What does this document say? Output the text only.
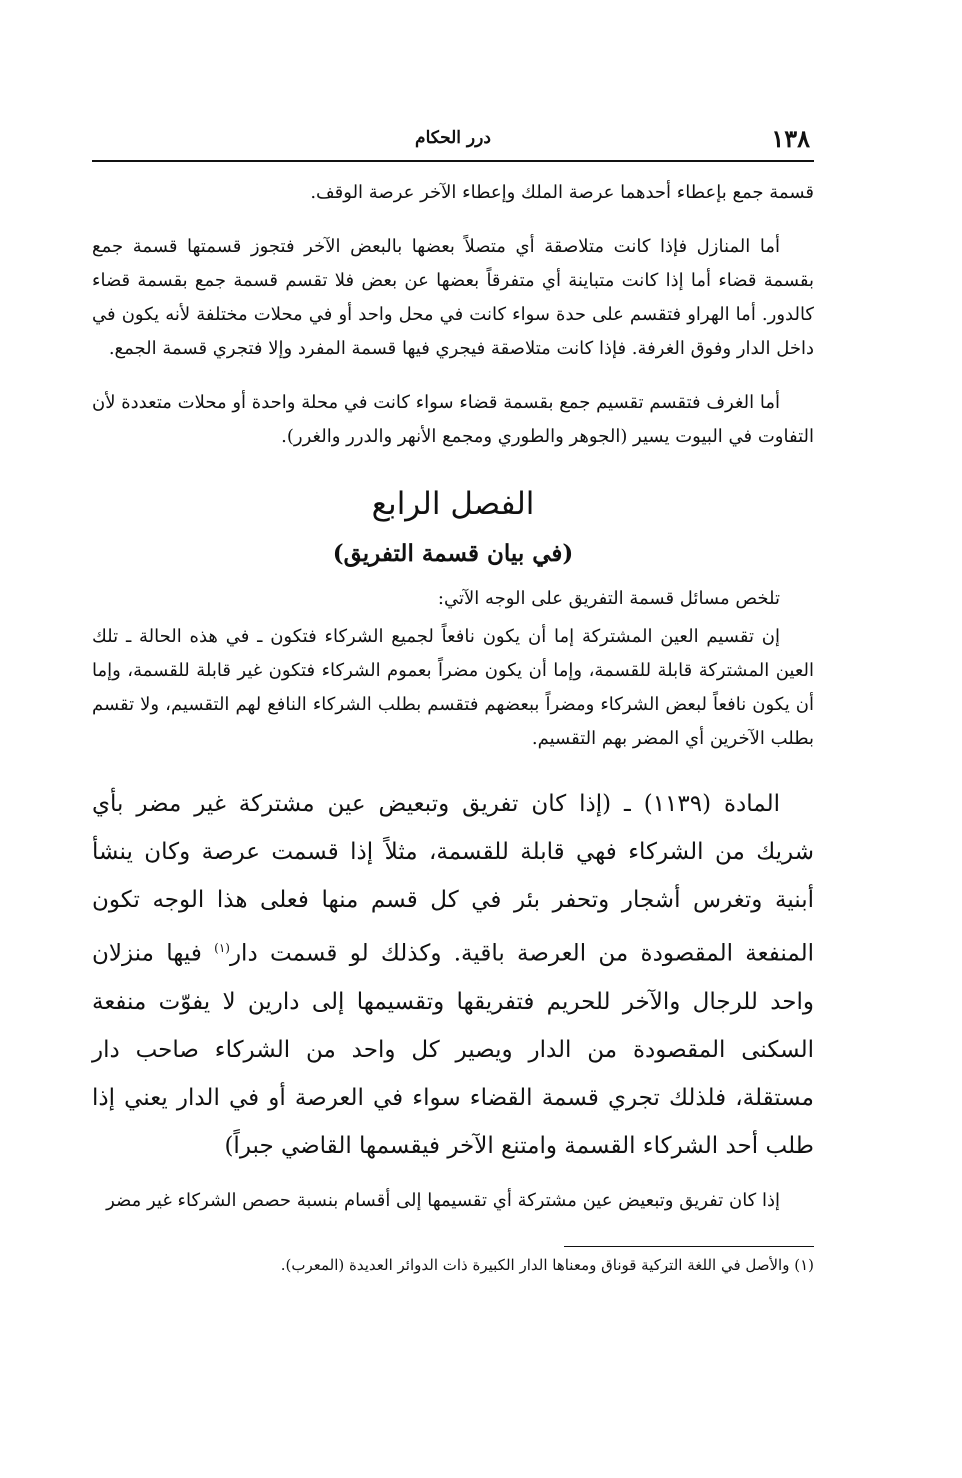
١٣٨
درر الحكام

قسمة جمع بإعطاء أحدهما عرصة الملك وإعطاء الآخر عرصة الوقف.

أما المنازل فإذا كانت متلاصقة أي متصلاً بعضها بالبعض الآخر فتجوز قسمتها قسمة جمع بقسمة قضاء أما إذا كانت متباينة أي متفرقاً بعضها عن بعض فلا تقسم قسمة جمع بقسمة قضاء كالدور. أما الهراو فتقسم على حدة سواء كانت في محل واحد أو في محلات مختلفة لأنه يكون في داخل الدار وفوق الغرفة. فإذا كانت متلاصقة فيجري فيها قسمة المفرد وإلا فتجري قسمة الجمع.

أما الغرف فتقسم تقسيم جمع بقسمة قضاء سواء كانت في محلة واحدة أو محلات متعددة لأن التفاوت في البيوت يسير (الجوهر والطوري ومجمع الأنهر والدرر والغرر).

الفصل الرابع
(في بيان قسمة التفريق)

تلخص مسائل قسمة التفريق على الوجه الآتي:

إن تقسيم العين المشتركة إما أن يكون نافعاً لجميع الشركاء فتكون ـ في هذه الحالة ـ تلك العين المشتركة قابلة للقسمة، وإما أن يكون مضراً بعموم الشركاء فتكون غير قابلة للقسمة، وإما أن يكون نافعاً لبعض الشركاء ومضراً ببعضهم فتقسم بطلب الشركاء النافع لهم التقسيم، ولا تقسم بطلب الآخرين أي المضر بهم التقسيم.

المادة (١١٣٩) ـ (إذا كان تفريق وتبعيض عين مشتركة غير مضر بأي شريك من الشركاء فهي قابلة للقسمة، مثلاً إذا قسمت عرصة وكان ينشأ أبنية وتغرس أشجار وتحفر بئر في كل قسم منها فعلى هذا الوجه تكون المنفعة المقصودة من العرصة باقية. وكذلك لو قسمت دار$^{(١)}$ فيها منزلان واحد للرجال والآخر للحريم فتفريقها وتقسيمها إلى دارين لا يفوّت منفعة السكنى المقصودة من الدار ويصير كل واحد من الشركاء صاحب دار مستقلة، فلذلك تجري قسمة القضاء سواء في العرصة أو في الدار يعني إذا طلب أحد الشركاء القسمة وامتنع الآخر فيقسمها القاضي جبراً)

إذا كان تفريق وتبعيض عين مشتركة أي تقسيمها إلى أقسام بنسبة حصص الشركاء غير مضر

(١) والأصل في اللغة التركية قوناق ومعناها الدار الكبيرة ذات الدوائر العديدة (المعرب).
